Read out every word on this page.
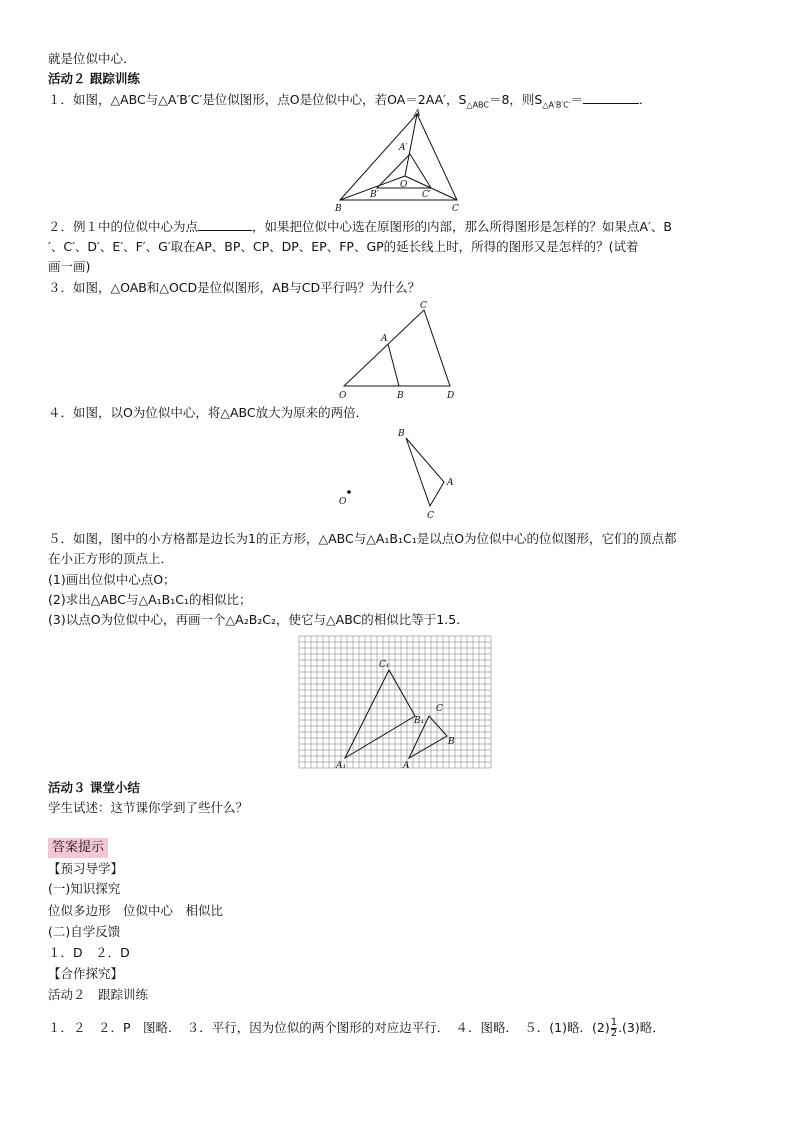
就是位似中心．
活动２ 跟踪训练
１．如图，△ABC与△A′B′C′是位似图形，点O是位似中心，若OA＝2AA′，$S_{\triangle ABC}=8$，则$S_{\triangle A'B'C'}=$	．
A
A′
O
B′	C′
B	C
２．例１中的位似中心为点	，如果把位似中心选在原图形的内部，那么所得图形是怎样的？如果点A′、B
′、C′、D′、E′、F′、G′取在AP、BP、CP、DP、EP、FP、GP的延长线上时，所得的图形又是怎样的？(试着
画一画)
３．如图，△OAB和△OCD是位似图形，AB与CD平行吗？为什么？
C
A
O	B	D
４．如图，以O为位似中心，将△ABC放大为原来的两倍．
B
A
O
C
５．如图，图中的小方格都是边长为1的正方形，△ABC与△A₁B₁C₁是以点O为位似中心的位似图形，它们的顶点都
在小正方形的顶点上．
(1)画出位似中心点O；
(2)求出△ABC与△A₁B₁C₁的相似比；
(3)以点O为位似中心，再画一个△A₂B₂C₂，使它与△ABC的相似比等于1.5．
C₁
B₁
A₁
C
B
A
活动３ 课堂小结
学生试述：这节课你学到了些什么？
答案提示
【预习导学】
(一)知识探究
位似多边形　位似中心　相似比
(二)自学反馈
１．D　２．D
【合作探究】
活动２　跟踪训练
１．２　２．P　图略．　３．平行，因为位似的两个图形的对应边平行．　４．图略．　５．(1)略．$(2) \frac{1}{2} .(3)$略．
